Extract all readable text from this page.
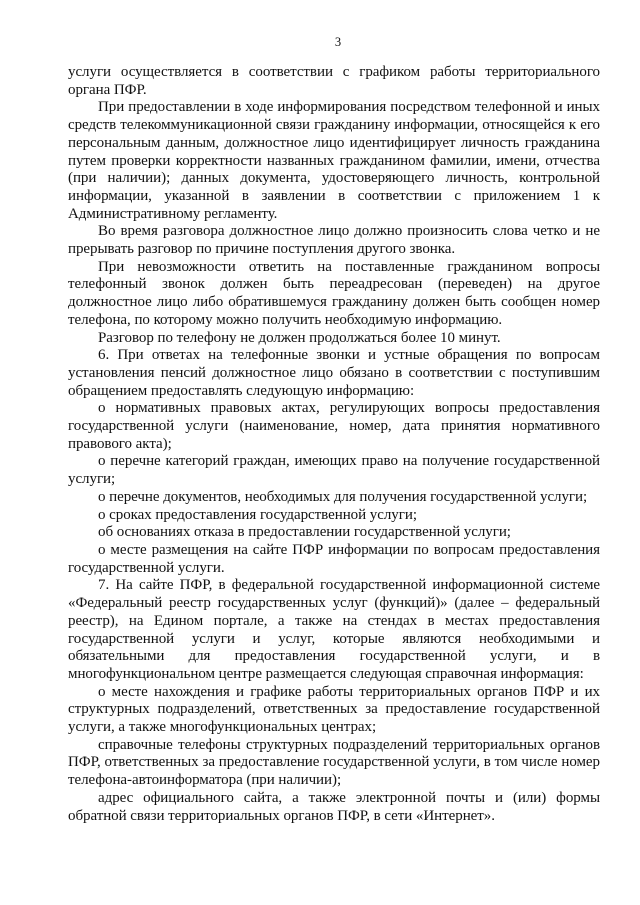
3

услуги осуществляется в соответствии с графиком работы территориального органа ПФР.

При предоставлении в ходе информирования посредством телефонной и иных средств телекоммуникационной связи гражданину информации, относящейся к его персональным данным, должностное лицо идентифицирует личность гражданина путем проверки корректности названных гражданином фамилии, имени, отчества (при наличии); данных документа, удостоверяющего личность, контрольной информации, указанной в заявлении в соответствии с приложением 1 к Административному регламенту.

Во время разговора должностное лицо должно произносить слова четко и не прерывать разговор по причине поступления другого звонка.

При невозможности ответить на поставленные гражданином вопросы телефонный звонок должен быть переадресован (переведен) на другое должностное лицо либо обратившемуся гражданину должен быть сообщен номер телефона, по которому можно получить необходимую информацию.

Разговор по телефону не должен продолжаться более 10 минут.

6. При ответах на телефонные звонки и устные обращения по вопросам установления пенсий должностное лицо обязано в соответствии с поступившим обращением предоставлять следующую информацию:

о нормативных правовых актах, регулирующих вопросы предоставления государственной услуги (наименование, номер, дата принятия нормативного правового акта);

о перечне категорий граждан, имеющих право на получение государственной услуги;

о перечне документов, необходимых для получения государственной услуги;

о сроках предоставления государственной услуги;

об основаниях отказа в предоставлении государственной услуги;

о месте размещения на сайте ПФР информации по вопросам предоставления государственной услуги.

7. На сайте ПФР, в федеральной государственной информационной системе «Федеральный реестр государственных услуг (функций)» (далее – федеральный реестр), на Едином портале, а также на стендах в местах предоставления государственной услуги и услуг, которые являются необходимыми и обязательными для предоставления государственной услуги, и в многофункциональном центре размещается следующая справочная информация:

о месте нахождения и графике работы территориальных органов ПФР и их структурных подразделений, ответственных за предоставление государственной услуги, а также многофункциональных центрах;

справочные телефоны структурных подразделений территориальных органов ПФР, ответственных за предоставление государственной услуги, в том числе номер телефона-автоинформатора (при наличии);

адрес официального сайта, а также электронной почты и (или) формы обратной связи территориальных органов ПФР, в сети «Интернет».
